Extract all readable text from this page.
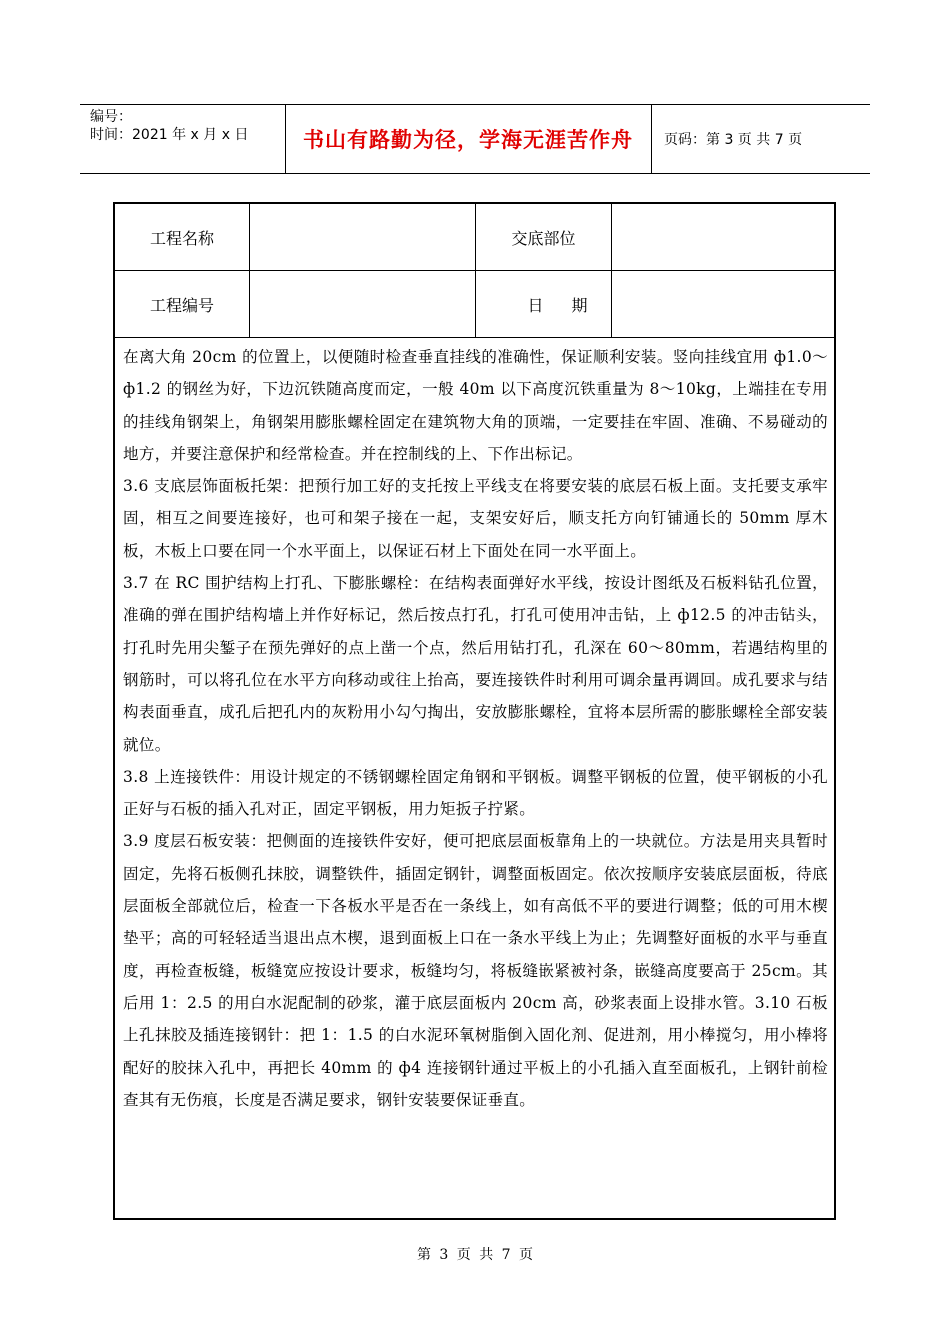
编号：
时间：2021 年 x 月 x 日	书山有路勤为径，学海无涯苦作舟	页码：第 3 页 共 7 页
工程名称	交底部位
工程编号	日期

在离大角 20cm 的位置上，以便随时检查垂直挂线的准确性，保证顺利安装。竖向挂线宜用 ф1.0～ф1.2 的钢丝为好，下边沉铁随高度而定，一般 40m 以下高度沉铁重量为 8～10kg，上端挂在专用的挂线角钢架上，角钢架用膨胀螺栓固定在建筑物大角的顶端，一定要挂在牢固、准确、不易碰动的地方，并要注意保护和经常检查。并在控制线的上、下作出标记。

3.6 支底层饰面板托架：把预行加工好的支托按上平线支在将要安装的底层石板上面。支托要支承牢固，相互之间要连接好，也可和架子接在一起，支架安好后，顺支托方向钉铺通长的 50mm 厚木板，木板上口要在同一个水平面上，以保证石材上下面处在同一水平面上。

3.7 在 RC 围护结构上打孔、下膨胀螺栓：在结构表面弹好水平线，按设计图纸及石板料钻孔位置，准确的弹在围护结构墙上并作好标记，然后按点打孔，打孔可使用冲击钻，上 ф12.5 的冲击钻头，打孔时先用尖錾子在预先弹好的点上凿一个点，然后用钻打孔，孔深在 60～80mm，若遇结构里的钢筋时，可以将孔位在水平方向移动或往上抬高，要连接铁件时利用可调余量再调回。成孔要求与结构表面垂直，成孔后把孔内的灰粉用小勾勺掏出，安放膨胀螺栓，宜将本层所需的膨胀螺栓全部安装就位。

3.8 上连接铁件：用设计规定的不锈钢螺栓固定角钢和平钢板。调整平钢板的位置，使平钢板的小孔正好与石板的插入孔对正，固定平钢板，用力矩扳子拧紧。

3.9 度层石板安装：把侧面的连接铁件安好，便可把底层面板靠角上的一块就位。方法是用夹具暂时固定，先将石板侧孔抹胶，调整铁件，插固定钢针，调整面板固定。依次按顺序安装底层面板，待底层面板全部就位后，检查一下各板水平是否在一条线上，如有高低不平的要进行调整；低的可用木楔垫平；高的可轻轻适当退出点木楔，退到面板上口在一条水平线上为止；先调整好面板的水平与垂直度，再检查板缝，板缝宽应按设计要求，板缝均匀，将板缝嵌紧被衬条，嵌缝高度要高于 25cm。其后用 1：2.5 的用白水泥配制的砂浆，灌于底层面板内 20cm 高，砂浆表面上设排水管。3.10 石板上孔抹胶及插连接钢针：把 1：1.5 的白水泥环氧树脂倒入固化剂、促进剂，用小棒搅匀，用小棒将配好的胶抹入孔中，再把长 40mm 的 ф4 连接钢针通过平板上的小孔插入直至面板孔，上钢针前检查其有无伤痕，长度是否满足要求，钢针安装要保证垂直。

第 3 页 共 7 页
